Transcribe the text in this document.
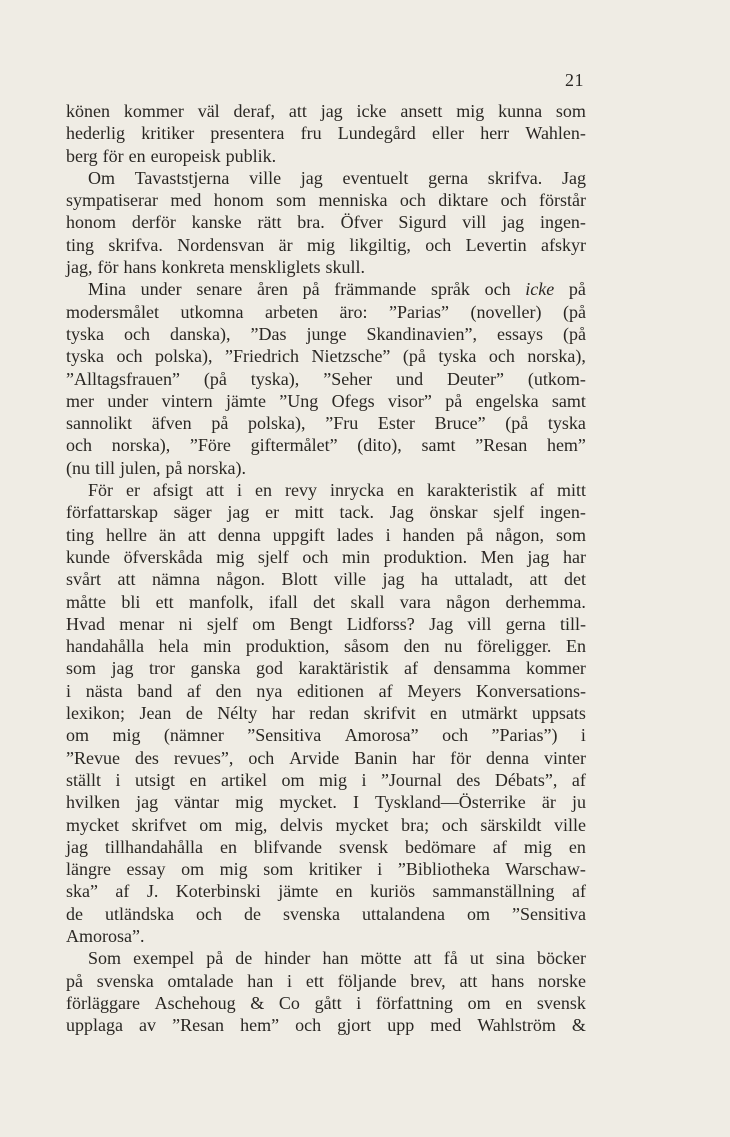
21
könen kommer väl deraf, att jag icke ansett mig kunna som
hederlig kritiker presentera fru Lundegård eller herr Wahlen-
berg för en europeisk publik.
Om Tavaststjerna ville jag eventuelt gerna skrifva. Jag
sympatiserar med honom som menniska och diktare och förstår
honom derför kanske rätt bra. Öfver Sigurd vill jag ingen-
ting skrifva. Nordensvan är mig likgiltig, och Levertin afskyr
jag, för hans konkreta menskliglets skull.
Mina under senare åren på främmande språk och icke på
modersmålet utkomna arbeten äro: ”Parias” (noveller) (på
tyska och danska), ”Das junge Skandinavien”, essays (på
tyska och polska), ”Friedrich Nietzsche” (på tyska och norska),
”Alltagsfrauen” (på tyska), ”Seher und Deuter” (utkom-
mer under vintern jämte ”Ung Ofegs visor” på engelska samt
sannolikt äfven på polska), ”Fru Ester Bruce” (på tyska
och norska), ”Före giftermålet” (dito), samt ”Resan hem”
(nu till julen, på norska).
För er afsigt att i en revy inrycka en karakteristik af mitt
författarskap säger jag er mitt tack. Jag önskar sjelf ingen-
ting hellre än att denna uppgift lades i handen på någon, som
kunde öfverskåda mig sjelf och min produktion. Men jag har
svårt att nämna någon. Blott ville jag ha uttaladt, att det
måtte bli ett manfolk, ifall det skall vara någon derhemma.
Hvad menar ni sjelf om Bengt Lidforss? Jag vill gerna till-
handahålla hela min produktion, såsom den nu föreligger. En
som jag tror ganska god karaktäristik af densamma kommer
i nästa band af den nya editionen af Meyers Konversations-
lexikon; Jean de Nélty har redan skrifvit en utmärkt uppsats
om mig (nämner ”Sensitiva Amorosa” och ”Parias”) i
”Revue des revues”, och Arvide Banin har för denna vinter
ställt i utsigt en artikel om mig i ”Journal des Débats”, af
hvilken jag väntar mig mycket. I Tyskland—Österrike är ju
mycket skrifvet om mig, delvis mycket bra; och särskildt ville
jag tillhandahålla en blifvande svensk bedömare af mig en
längre essay om mig som kritiker i ”Bibliotheka Warschaw-
ska” af J. Koterbinski jämte en kuriös sammanställning af
de utländska och de svenska uttalandena om ”Sensitiva
Amorosa”.
Som exempel på de hinder han mötte att få ut sina böcker
på svenska omtalade han i ett följande brev, att hans norske
förläggare Aschehoug & Co gått i författning om en svensk
upplaga av ”Resan hem” och gjort upp med Wahlström &
